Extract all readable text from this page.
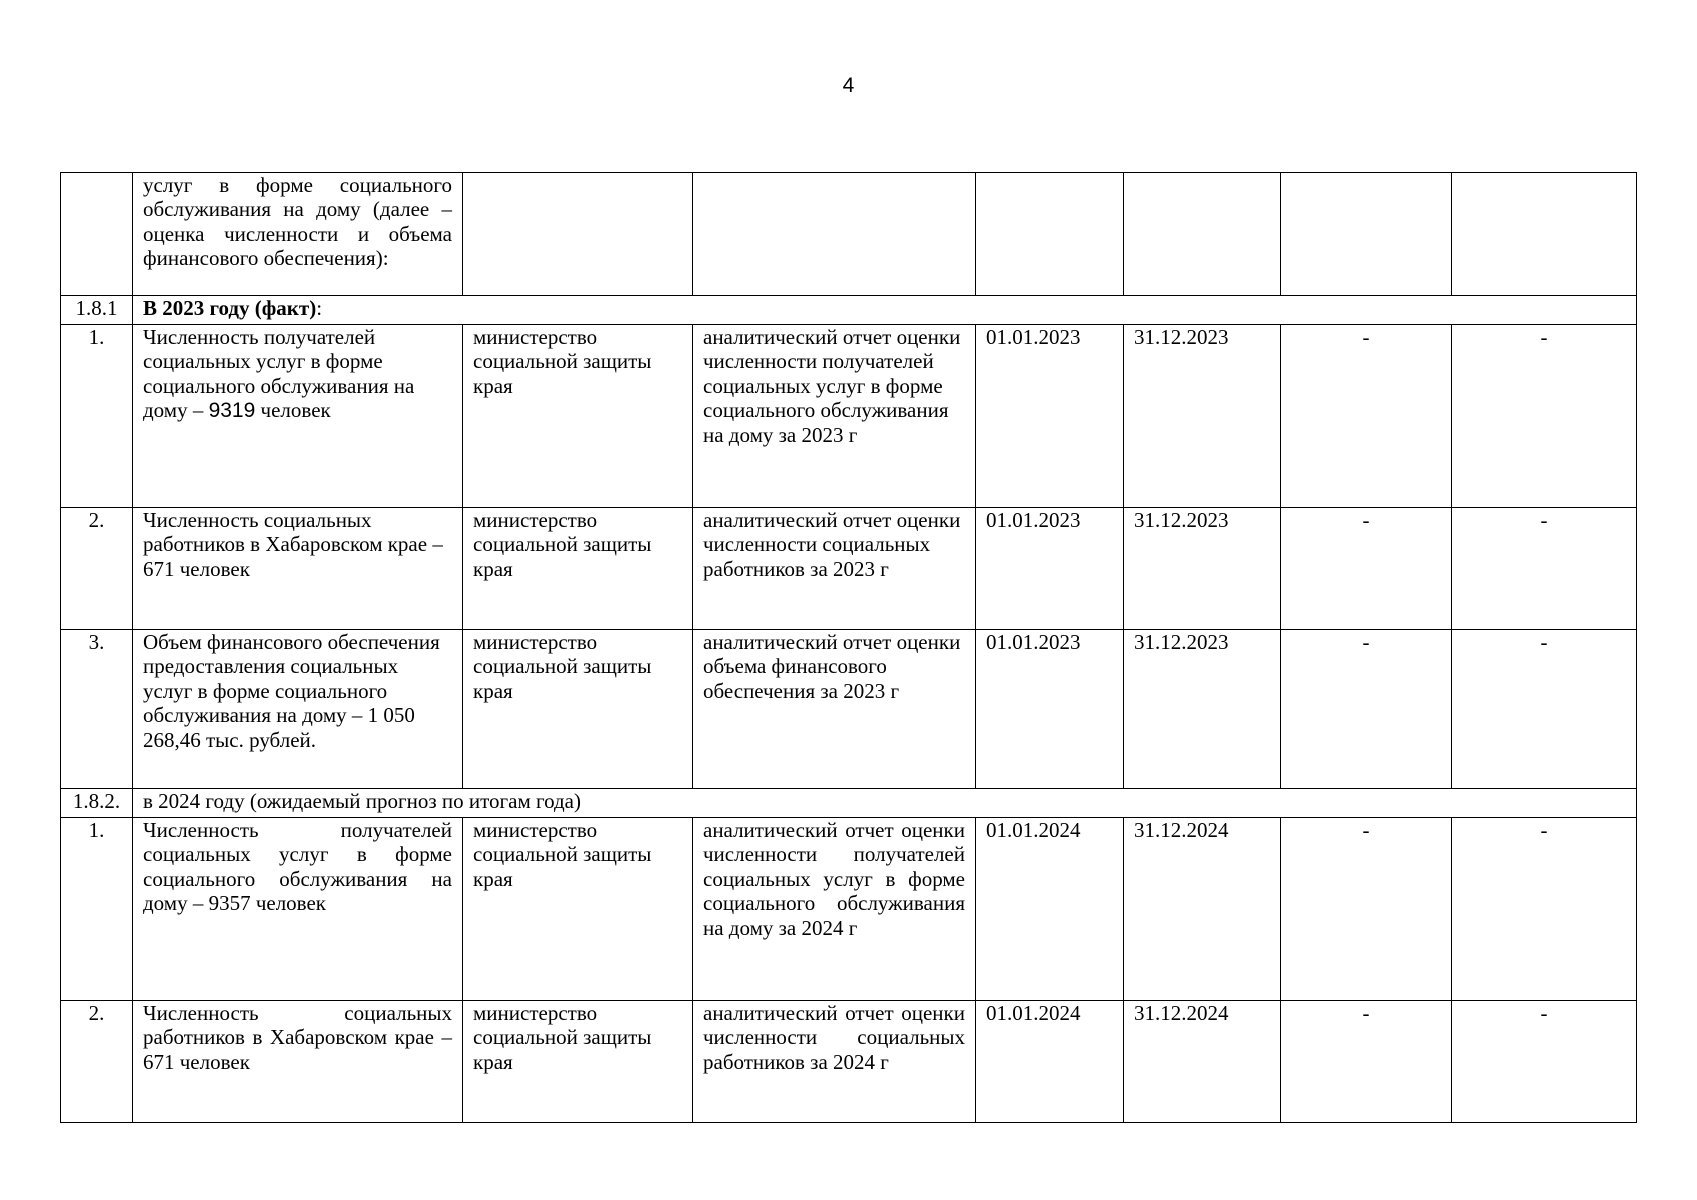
4
	услуг в форме социального обслуживания на дому (далее – оценка численности и объема финансового обеспечения):						
1.8.1	В 2023 году (факт):						
1.	Численность получателей социальных услуг в форме социального обслуживания на дому – 9319 человек	министерство социальной защиты края	аналитический отчет оценки численности получателей социальных услуг в форме социального обслуживания на дому за 2023 г	01.01.2023	31.12.2023	-	-
2.	Численность социальных работников в Хабаровском крае – 671 человек	министерство социальной защиты края	аналитический отчет оценки численности социальных работников за 2023 г	01.01.2023	31.12.2023	-	-
3.	Объем финансового обеспечения предоставления социальных услуг в форме социального обслуживания на дому – 1 050 268,46 тыс. рублей.	министерство социальной защиты края	аналитический отчет оценки объема финансового обеспечения за 2023 г	01.01.2023	31.12.2023	-	-
1.8.2.	в 2024 году (ожидаемый прогноз по итогам года)						
1.	Численность получателей социальных услуг в форме социального обслуживания на дому – 9357 человек	министерство социальной защиты края	аналитический отчет оценки численности получателей социальных услуг в форме социального обслуживания на дому за 2024 г	01.01.2024	31.12.2024	-	-
2.	Численность социальных работников в Хабаровском крае – 671 человек	министерство социальной защиты края	аналитический отчет оценки численности социальных работников за 2024 г	01.01.2024	31.12.2024	-	-
